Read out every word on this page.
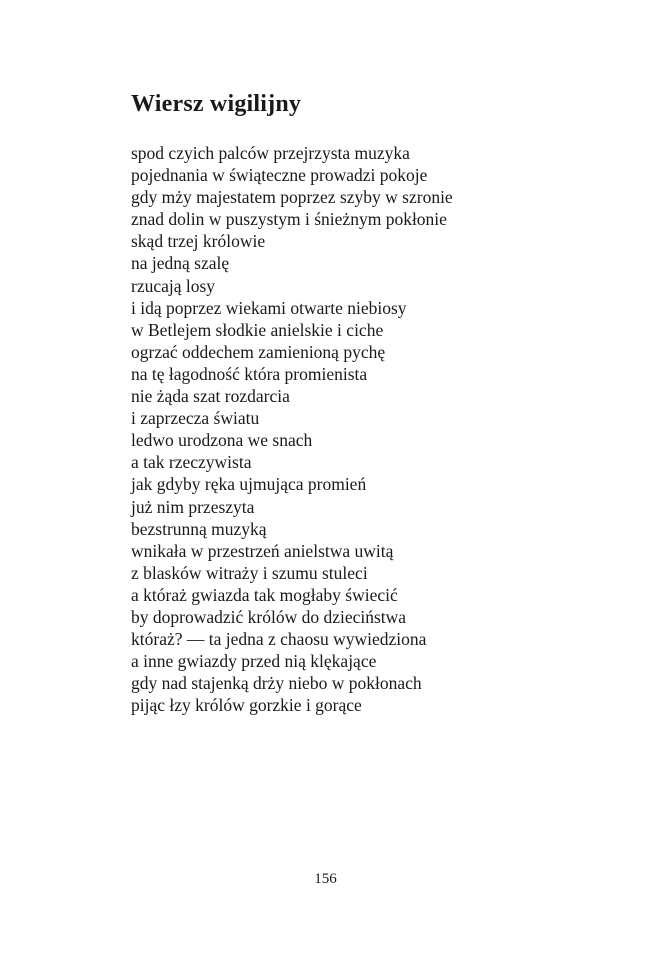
Wiersz wigilijny
spod czyich palców przejrzysta muzyka
pojednania w świąteczne prowadzi pokoje
gdy mży majestatem poprzez szyby w szronie
znad dolin w puszystym i śnieżnym pokłonie
skąd trzej królowie
na jedną szalę
rzucają losy
i idą poprzez wiekami otwarte niebiosy
w Betlejem słodkie anielskie i ciche
ogrzać oddechem zamienioną pychę
na tę łagodność która promienista
nie żąda szat rozdarcia
i zaprzecza światu
ledwo urodzona we snach
a tak rzeczywista
jak gdyby ręka ujmująca promień
już nim przeszyta
bezstrunną muzyką
wnikała w przestrzeń anielstwa uwitą
z blasków witraży i szumu stuleci
a któraż gwiazda tak mogłaby świecić
by doprowadzić królów do dzieciństwa
któraż? — ta jedna z chaosu wywiedziona
a inne gwiazdy przed nią klękające
gdy nad stajenką drży niebo w pokłonach
pijąc łzy królów gorzkie i gorące
156
